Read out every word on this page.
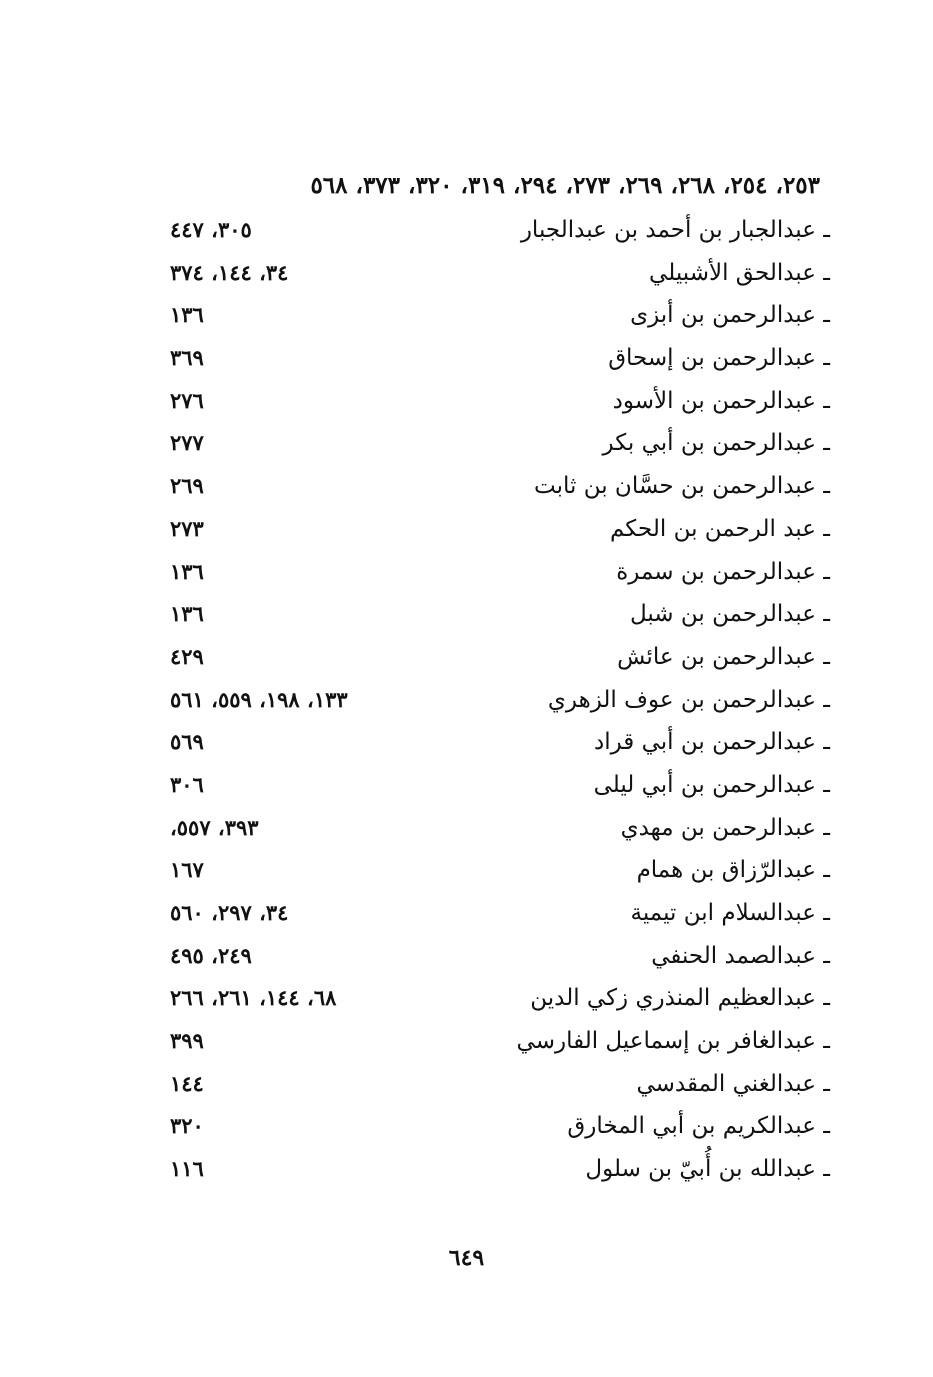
٢٥٣، ٢٥٤، ٢٦٨، ٢٦٩، ٢٧٣، ٢٩٤، ٣١٩، ٣٢٠، ٣٧٣، ٥٦٨
ـ عبدالجبار بن أحمد بن عبدالجبار
٣٠٥، ٤٤٧
ـ عبدالحق الأشبيلي
٣٤، ١٤٤، ٣٧٤
ـ عبدالرحمن بن أبزى
١٣٦
ـ عبدالرحمن بن إسحاق
٣٦٩
ـ عبدالرحمن بن الأسود
٢٧٦
ـ عبدالرحمن بن أبي بكر
٢٧٧
ـ عبدالرحمن بن حسَّان بن ثابت
٢٦٩
ـ عبد الرحمن بن الحكم
٢٧٣
ـ عبدالرحمن بن سمرة
١٣٦
ـ عبدالرحمن بن شبل
١٣٦
ـ عبدالرحمن بن عائش
٤٢٩
ـ عبدالرحمن بن عوف الزهري
١٣٣، ١٩٨، ٥٥٩، ٥٦١
ـ عبدالرحمن بن أبي قراد
٥٦٩
ـ عبدالرحمن بن أبي ليلى
٣٠٦
ـ عبدالرحمن بن مهدي
٣٩٣، ٥٥٧،
ـ عبدالرّزاق بن همام
١٦٧
ـ عبدالسلام ابن تيمية
٣٤، ٢٩٧، ٥٦٠
ـ عبدالصمد الحنفي
٢٤٩، ٤٩٥
ـ عبدالعظيم المنذري زكي الدين
٦٨، ١٤٤، ٢٦١، ٢٦٦
ـ عبدالغافر بن إسماعيل الفارسي
٣٩٩
ـ عبدالغني المقدسي
١٤٤
ـ عبدالكريم بن أبي المخارق
٣٢٠
ـ عبدالله بن أُبيّ بن سلول
١١٦
٦٤٩
